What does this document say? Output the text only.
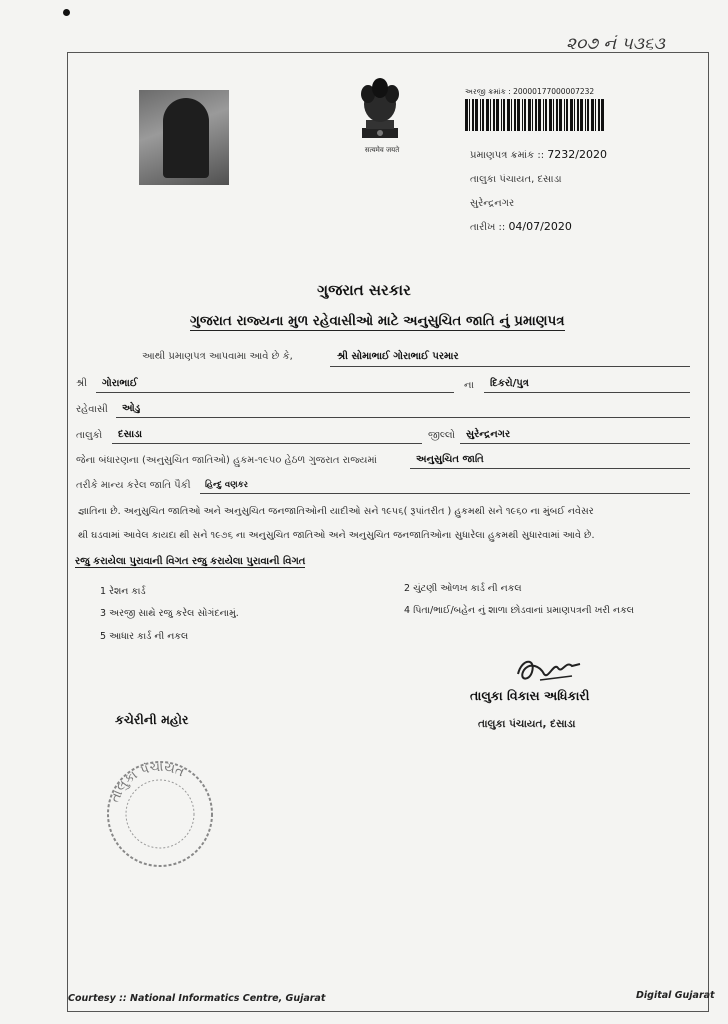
૨૦૭ નં ૫૩૬૩
सत्यमेव जयते
અરજી ક્રમાંક : 20000177000007232
પ્રમાણપત્ર ક્રમાંક :: 7232/2020
તાલુકા પંચાયત, દસાડા
સુરેન્દ્રનગર
તારીખ :: 04/07/2020
ગુજરાત સરકાર
ગુજરાત રાજ્યના મુળ રહેવાસીઓ માટે અનુસુચિત જાતિ નું પ્રમાણપત્ર
આથી પ્રમાણપત્ર આપવામા આવે છે કે,	શ્રી સોમાભાઈ ગોરાભાઈ પરમાર
શ્રી ગોરાભાઈ	ના દિકરો/પુત્ર
રહેવાસી ઓડુ
તાલુકો દસાડા	જીલ્લો સુરેન્દ્રનગર
જેના બંધારણના (અનુસુચિત જાતિઓ) હુકમ-૧૯૫૦ હેઠળ ગુજરાત રાજ્યમાં	અનુસુચિત જાતિ
તરીકે માન્ય કરેલ જાતિ પૈકી હિન્દુ વણકર
જ્ઞાતિના છે. અનુસુચિત જાતિઓ અને અનુસુચિત જનજાતિઓની યાદીઓ સને ૧૯૫૬( રૂપાંતરીત ) હુકમથી સને ૧૯૬૦ ના મુંબઈ નવેસર
થી ઘડવામાં આવેલ કાયદા થી સને ૧૯૭૬ ના અનુસુચિત જાતિઓ અને અનુસુચિત જનજાતિઓના સુધારેલા હુકમથી સુધારવામાં આવે છે.
રજુ કરાયેલા પુરાવાની વિગત રજુ કરાયેલા પુરાવાની વિગત
1 રેશન કાર્ડ	2 ચુંટણી ઓળખ કાર્ડ ની નકલ
3 અરજી સાથે રજુ કરેલ સોગંદનામું.	4 પિતા/ભાઈ/બહેન નું શાળા છોડવાનાં પ્રમાણપત્રની ખરી નકલ
5 આધાર કાર્ડ ની નકલ
તાલુકા વિકાસ અધિકારી
તાલુકા પંચાયત, દસાડા
કચેરીની મહોર
તાલુકા પંચાયત
Courtesy :: National Informatics Centre, Gujarat	Digital Gujarat
